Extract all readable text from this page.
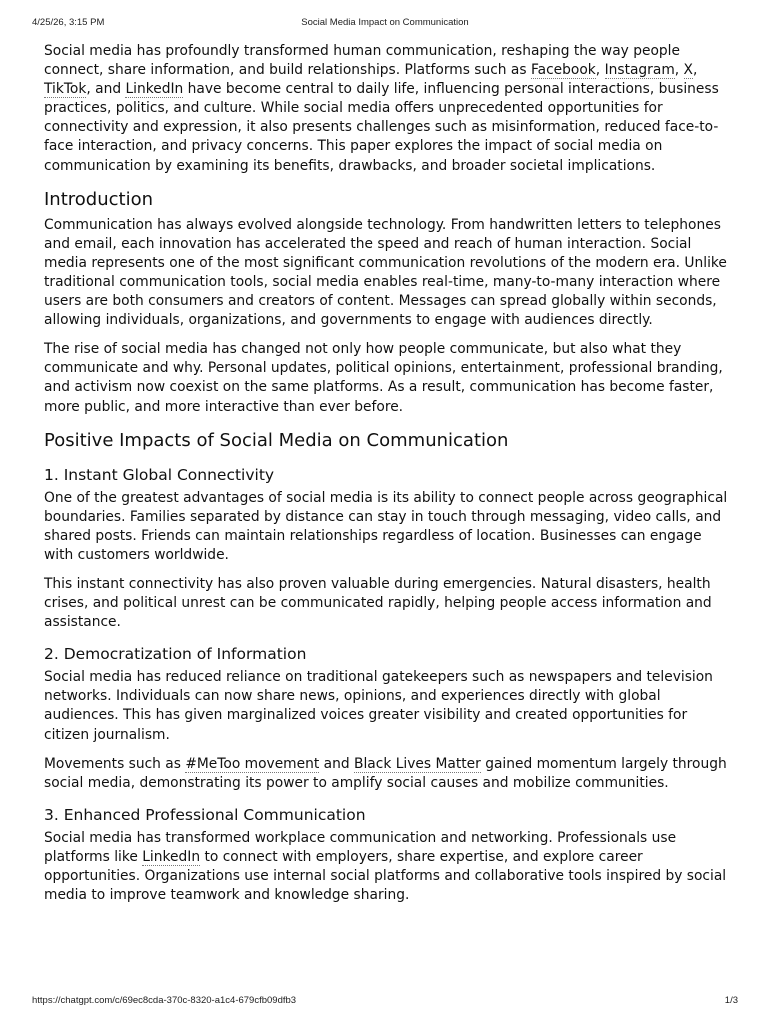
4/25/26, 3:15 PM	Social Media Impact on Communication

Social media has profoundly transformed human communication, reshaping the way people connect, share information, and build relationships. Platforms such as Facebook, Instagram, X, TikTok, and LinkedIn have become central to daily life, influencing personal interactions, business practices, politics, and culture. While social media offers unprecedented opportunities for connectivity and expression, it also presents challenges such as misinformation, reduced face-to-face interaction, and privacy concerns. This paper explores the impact of social media on communication by examining its benefits, drawbacks, and broader societal implications.

Introduction

Communication has always evolved alongside technology. From handwritten letters to telephones and email, each innovation has accelerated the speed and reach of human interaction. Social media represents one of the most significant communication revolutions of the modern era. Unlike traditional communication tools, social media enables real-time, many-to-many interaction where users are both consumers and creators of content. Messages can spread globally within seconds, allowing individuals, organizations, and governments to engage with audiences directly.

The rise of social media has changed not only how people communicate, but also what they communicate and why. Personal updates, political opinions, entertainment, professional branding, and activism now coexist on the same platforms. As a result, communication has become faster, more public, and more interactive than ever before.

Positive Impacts of Social Media on Communication
1. Instant Global Connectivity

One of the greatest advantages of social media is its ability to connect people across geographical boundaries. Families separated by distance can stay in touch through messaging, video calls, and shared posts. Friends can maintain relationships regardless of location. Businesses can engage with customers worldwide.

This instant connectivity has also proven valuable during emergencies. Natural disasters, health crises, and political unrest can be communicated rapidly, helping people access information and assistance.

2. Democratization of Information

Social media has reduced reliance on traditional gatekeepers such as newspapers and television networks. Individuals can now share news, opinions, and experiences directly with global audiences. This has given marginalized voices greater visibility and created opportunities for citizen journalism.

Movements such as #MeToo movement and Black Lives Matter gained momentum largely through social media, demonstrating its power to amplify social causes and mobilize communities.

3. Enhanced Professional Communication

Social media has transformed workplace communication and networking. Professionals use platforms like LinkedIn to connect with employers, share expertise, and explore career opportunities. Organizations use internal social platforms and collaborative tools inspired by social media to improve teamwork and knowledge sharing.

https://chatgpt.com/c/69ec8cda-370c-8320-a1c4-679cfb09dfb3	1/3
